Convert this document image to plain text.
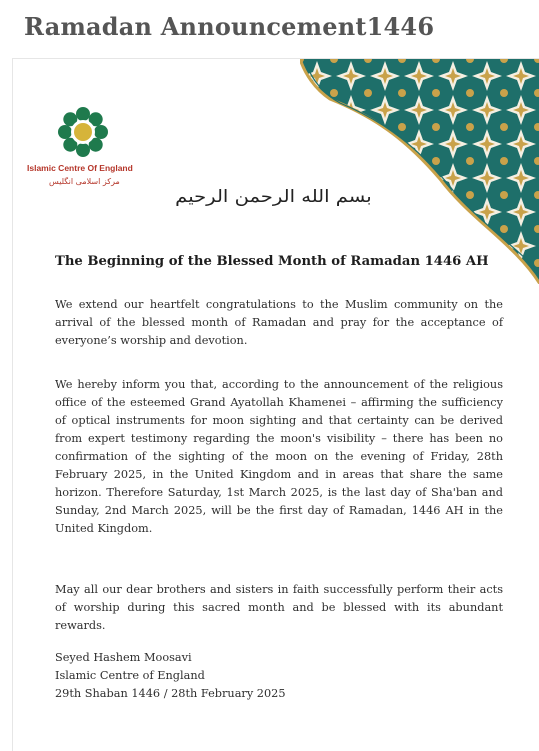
Ramadan Announcement1446
Islamic Centre Of England
مرکز اسلامی انگلیس
بسم الله الرحمن الرحیم
The Beginning of the Blessed Month of Ramadan 1446 AH

We extend our heartfelt congratulations to the Muslim community on the arrival of the blessed month of Ramadan and pray for the acceptance of everyone’s worship and devotion.

We hereby inform you that, according to the announcement of the religious office of the esteemed Grand Ayatollah Khamenei – affirming the sufficiency of optical instruments for moon sighting and that certainty can be derived from expert testimony regarding the moon's visibility – there has been no confirmation of the sighting of the moon on the evening of Friday, 28th February 2025, in the United Kingdom and in areas that share the same horizon. Therefore Saturday, 1st March 2025, is the last day of Sha'ban and Sunday, 2nd March 2025, will be the first day of Ramadan, 1446 AH in the United Kingdom.

May all our dear brothers and sisters in faith successfully perform their acts of worship during this sacred month and be blessed with its abundant rewards.

Seyed Hashem Moosavi
Islamic Centre of England
29th Shaban 1446 / 28th February 2025
